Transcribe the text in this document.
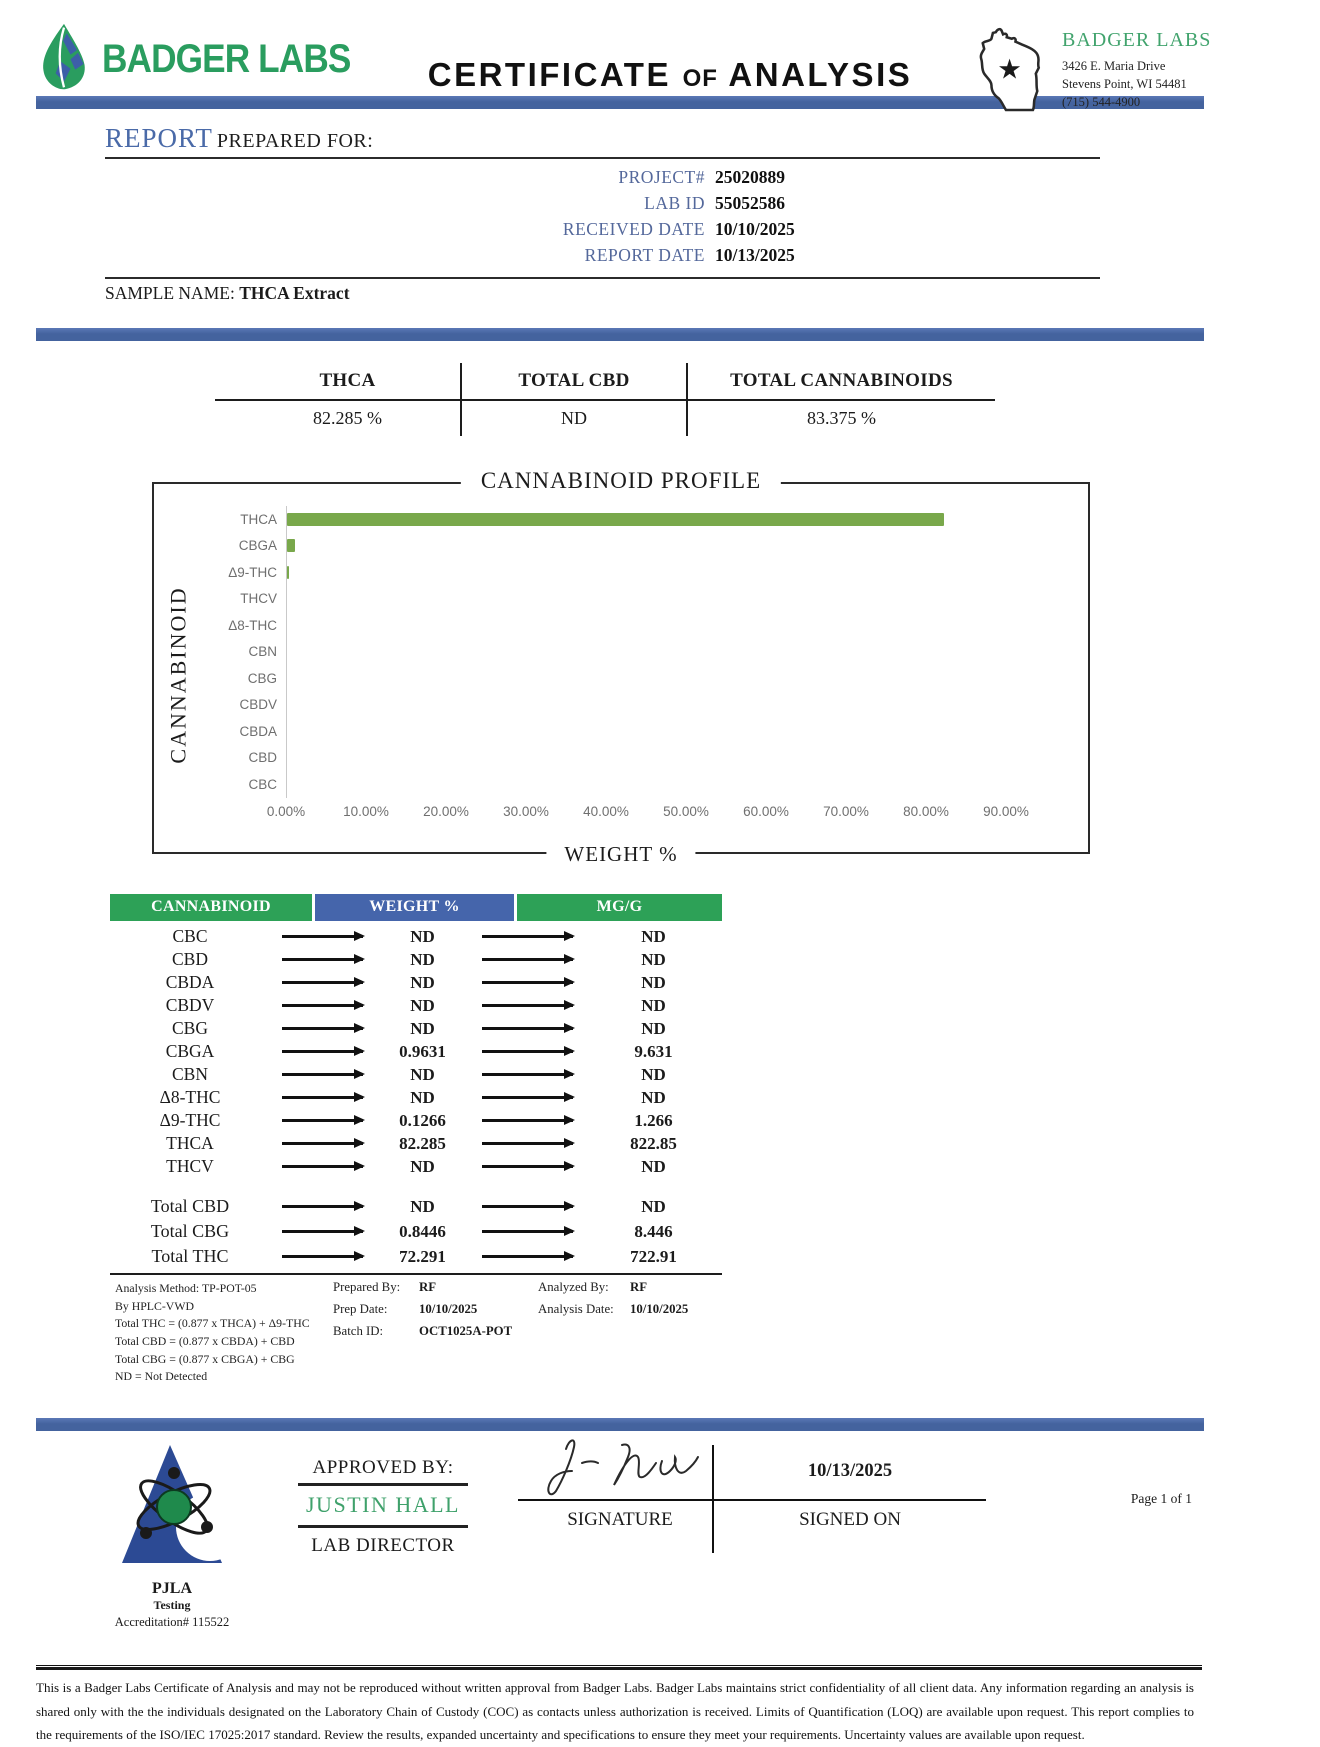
BADGER LABS	CERTIFICATE OF ANALYSIS	★
BADGER LABS
3426 E. Maria Drive
Stevens Point, WI 54481
(715) 544-4900
REPORT PREPARED FOR:
PROJECT# 25020889
LAB ID 55052586
RECEIVED DATE 10/10/2025
REPORT DATE 10/13/2025
SAMPLE NAME: THCA Extract
THCA	TOTAL CBD	TOTAL CANNABINOIDS
82.285 %	ND	83.375 %
CANNABINOID PROFILE
CANNABINOID
THCA
CBGA
Δ9-THC
THCV
Δ8-THC
CBN
CBG
CBDV
CBDA
CBD
CBC
0.00%	10.00%	20.00%	30.00%	40.00%	50.00%	60.00%	70.00%	80.00%	90.00%
WEIGHT %
CANNABINOID	WEIGHT %	MG/G
CBC	ND	ND
CBD	ND	ND
CBDA	ND	ND
CBDV	ND	ND
CBG	ND	ND
CBGA	0.9631	9.631
CBN	ND	ND
Δ8-THC	ND	ND
Δ9-THC	0.1266	1.266
THCA	82.285	822.85
THCV	ND	ND
Total CBD	ND	ND
Total CBG	0.8446	8.446
Total THC	72.291	722.91
Analysis Method: TP-POT-05
By HPLC-VWD
Total THC = (0.877 x THCA) + Δ9-THC
Total CBD = (0.877 x CBDA) + CBD
Total CBG = (0.877 x CBGA) + CBG
ND = Not Detected
Prepared By:	RF
Prep Date:	10/10/2025
Batch ID:	OCT1025A-POT
Analyzed By:	RF
Analysis Date:	10/10/2025
PJLA
Testing
Accreditation# 115522
APPROVED BY:
JUSTIN HALL
LAB DIRECTOR
SIGNATURE
10/13/2025
SIGNED ON
Page 1 of 1
This is a Badger Labs Certificate of Analysis and may not be reproduced without written approval from Badger Labs. Badger Labs maintains strict confidentiality of all client data. Any information regarding an analysis is shared only with the the individuals designated on the Laboratory Chain of Custody (COC) as contacts unless authorization is received. Limits of Quantification (LOQ) are available upon request. This report complies to the requirements of the ISO/IEC 17025:2017 standard. Review the results, expanded uncertainty and specifications to ensure they meet your requirements. Uncertainty values are available upon request.
